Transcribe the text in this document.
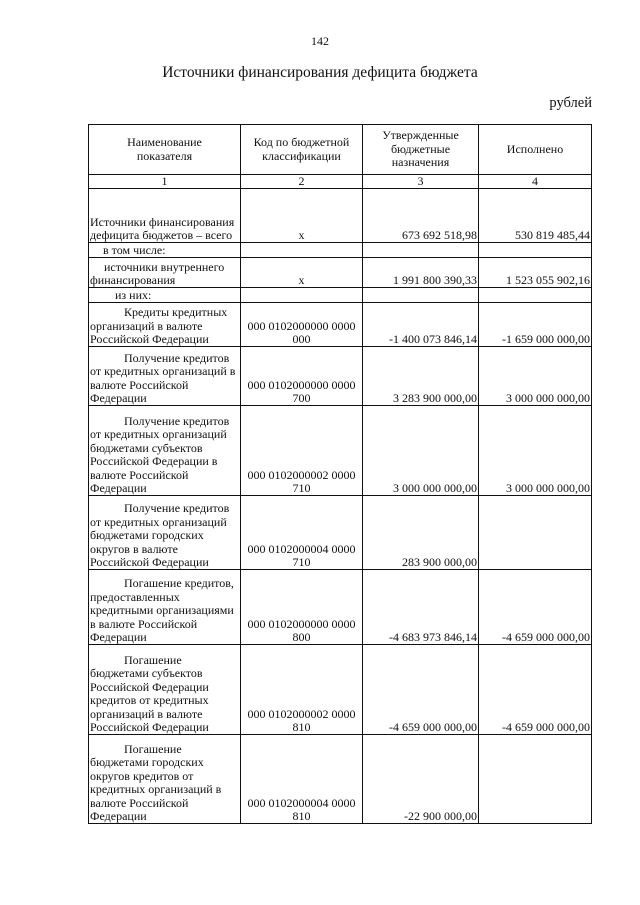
142
Источники финансирования дефицита бюджета
рублей
Наименование показателя	Код по бюджетной классификации	Утвержденные бюджетные назначения	Исполнено
1	2	3	4
Источники финансирования дефицита бюджетов – всего	x	673 692 518,98	530 819 485,44
в том числе:			
источники внутреннего финансирования	x	1 991 800 390,33	1 523 055 902,16
из них:			
Кредиты кредитных организаций в валюте Российской Федерации	000 0102000000 0000 000	-1 400 073 846,14	-1 659 000 000,00
Получение кредитов от кредитных организаций в валюте Российской Федерации	000 0102000000 0000 700	3 283 900 000,00	3 000 000 000,00
Получение кредитов от кредитных организаций бюджетами субъектов Российской Федерации в валюте Российской Федерации	000 0102000002 0000 710	3 000 000 000,00	3 000 000 000,00
Получение кредитов от кредитных организаций бюджетами городских округов в валюте Российской Федерации	000 0102000004 0000 710	283 900 000,00	
Погашение кредитов, предоставленных кредитными организациями в валюте Российской Федерации	000 0102000000 0000 800	-4 683 973 846,14	-4 659 000 000,00
Погашение бюджетами субъектов Российской Федерации кредитов от кредитных организаций в валюте Российской Федерации	000 0102000002 0000 810	-4 659 000 000,00	-4 659 000 000,00
Погашение бюджетами городских округов кредитов от кредитных организаций в валюте Российской Федерации	000 0102000004 0000 810	-22 900 000,00	
